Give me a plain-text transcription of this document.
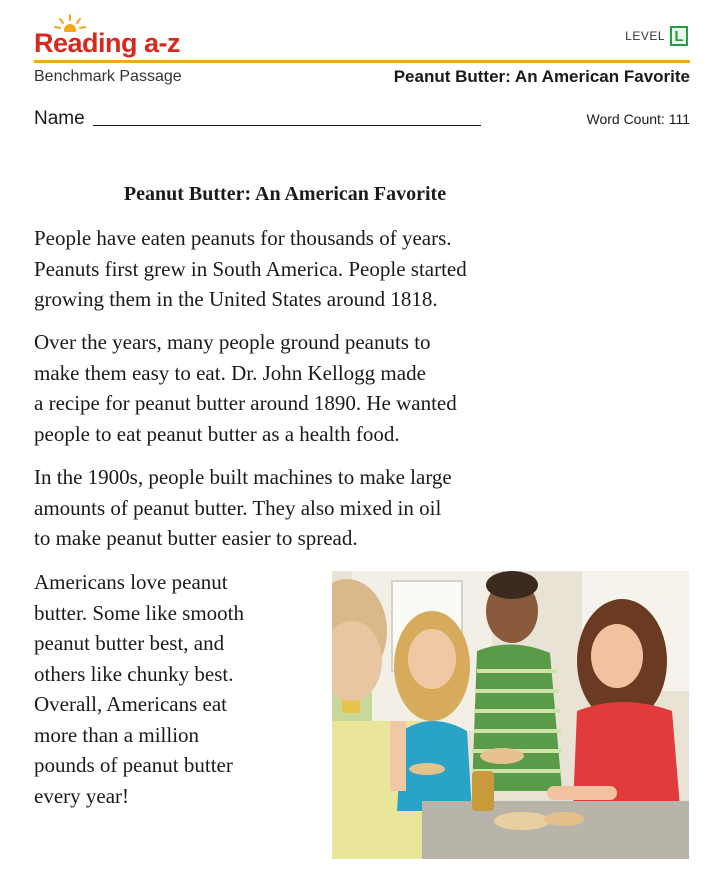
Reading a-z	LEVEL L
Benchmark Passage	Peanut Butter: An American Favorite
Name	Word Count: 111
Peanut Butter: An American Favorite

People have eaten peanuts for thousands of years.
Peanuts first grew in South America. People started
growing them in the United States around 1818.

Over the years, many people ground peanuts to
make them easy to eat. Dr. John Kellogg made
a recipe for peanut butter around 1890. He wanted
people to eat peanut butter as a health food.

In the 1900s, people built machines to make large
amounts of peanut butter. They also mixed in oil
to make peanut butter easier to spread.

Americans love peanut
butter. Some like smooth
peanut butter best, and
others like chunky best.
Overall, Americans eat
more than a million
pounds of peanut butter
every year!
